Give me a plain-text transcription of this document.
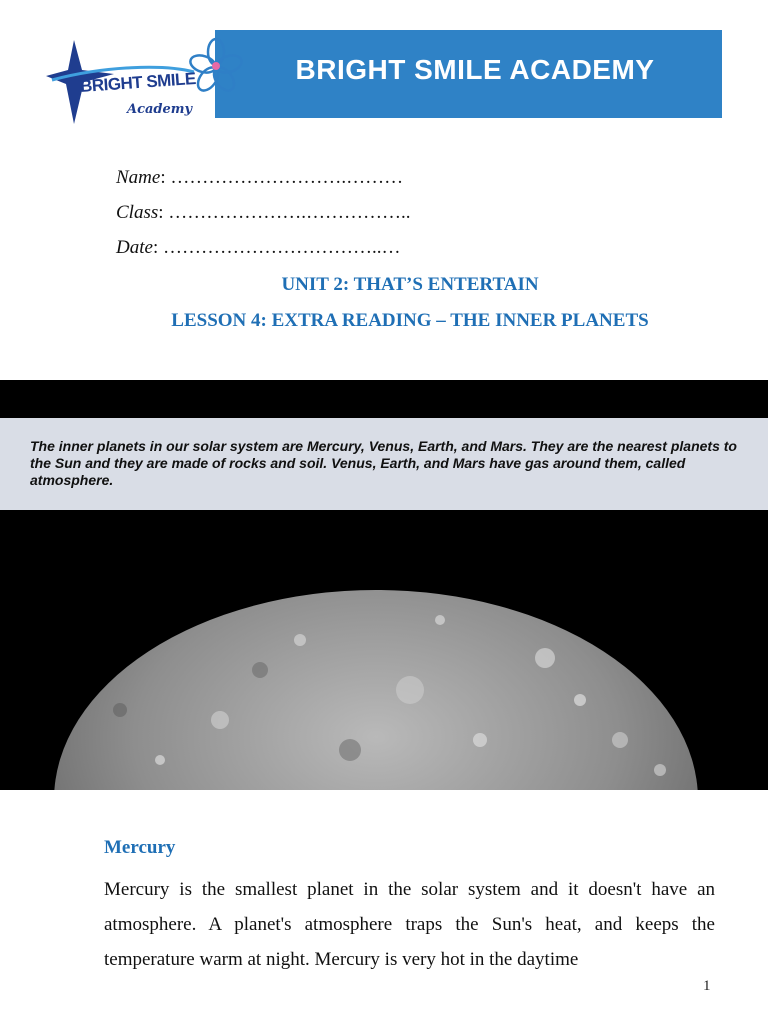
BRIGHT SMILE ACADEMY
BRIGHT SMILE
Academy
Name: ……………………….………
Class: ………………….……………..
Date: ……………………………..…
UNIT 2: THAT’S ENTERTAIN
LESSON 4: EXTRA READING – THE INNER PLANETS
The inner planets in our solar system are Mercury, Venus, Earth, and Mars. They are the nearest planets to the Sun and they are made of rocks and soil. Venus, Earth, and Mars have gas around them, called atmosphere.
Mercury
Mercury is the smallest planet in the solar system and it doesn't have an atmosphere. A planet's atmosphere traps the Sun's heat, and keeps the temperature warm at night. Mercury is very hot in the daytime
1
